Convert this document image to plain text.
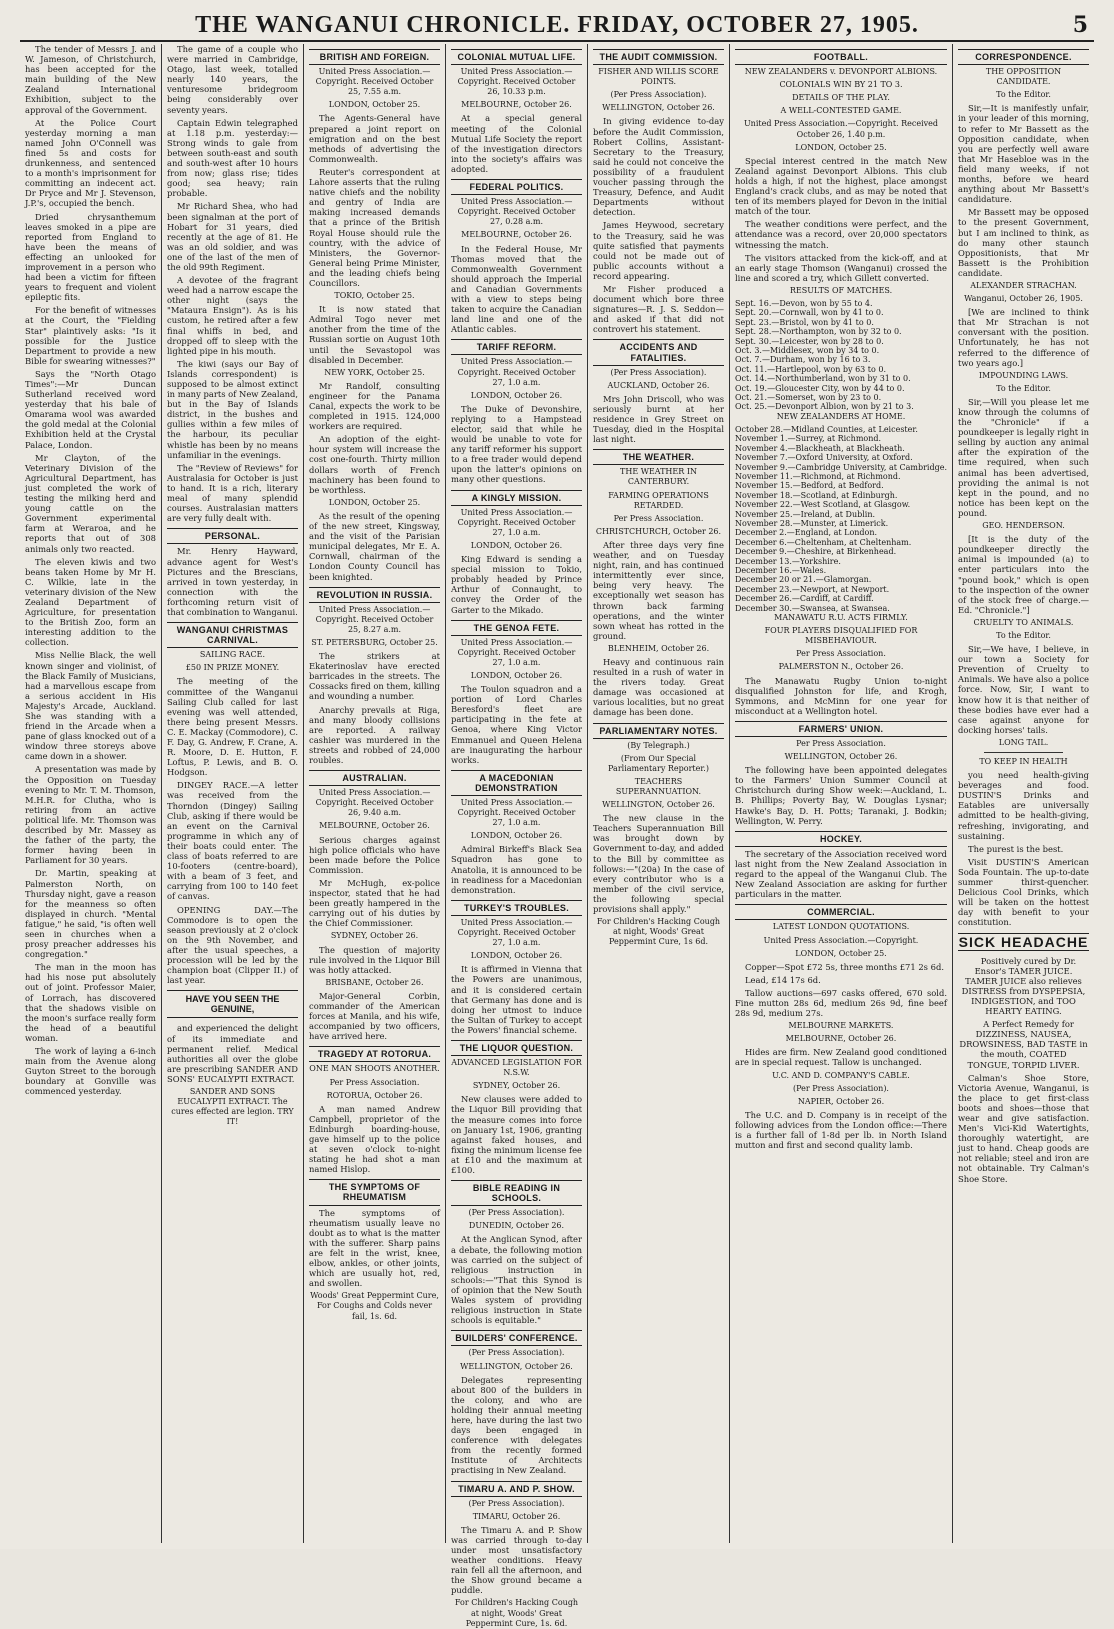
THE WANGANUI CHRONICLE. FRIDAY, OCTOBER 27, 1905.	5

The tender of Messrs J. and W. Jameson, of Christchurch, has been accepted for the main building of the New Zealand International Exhibition, subject to the approval of the Government.

At the Police Court yesterday morning a man named John O'Connell was fined 5s and costs for drunkenness, and sentenced to a month's imprisonment for committing an indecent act. Dr Pryce and Mr J. Stevenson, J.P.'s, occupied the bench.

Dried chrysanthemum leaves smoked in a pipe are reported from England to have been the means of effecting an unlooked for improvement in a person who had been a victim for fifteen years to frequent and violent epileptic fits.

For the benefit of witnesses at the Court, the "Fielding Star" plaintively asks: "Is it possible for the Justice Department to provide a new Bible for swearing witnesses?"

Says the "North Otago Times":—Mr Duncan Sutherland received word yesterday that his bale of Omarama wool was awarded the gold medal at the Colonial Exhibition held at the Crystal Palace, London.

Mr Clayton, of the Veterinary Division of the Agricultural Department, has just completed the work of testing the milking herd and young cattle on the Government experimental farm at Weraroa, and he reports that out of 308 animals only two reacted.

The eleven kiwis and two beans taken Home by Mr H. C. Wilkie, late in the veterinary division of the New Zealand Department of Agriculture, for presentation to the British Zoo, form an interesting addition to the collection.

Miss Nellie Black, the well known singer and violinist, of the Black Family of Musicians, had a marvellous escape from a serious accident in His Majesty's Arcade, Auckland. She was standing with a friend in the Arcade when a pane of glass knocked out of a window three storeys above came down in a shower.

A presentation was made by the Opposition on Tuesday evening to Mr. T. M. Thomson, M.H.R. for Clutha, who is retiring from an active political life. Mr. Thomson was described by Mr. Massey as the father of the party, the former having been in Parliament for 30 years.

Dr. Martin, speaking at Palmerston North, on Thursday night, gave a reason for the meanness so often displayed in church. "Mental fatigue," he said, "is often well seen in churches when a prosy preacher addresses his congregation."

The man in the moon has had his nose put absolutely out of joint. Professor Maier, of Lorrach, has discovered that the shadows visible on the moon's surface really form the head of a beautiful woman.

The work of laying a 6-inch main from the Avenue along Guyton Street to the borough boundary at Gonville was commenced yesterday.

The game of a couple who were married in Cambridge, Otago, last week, totalled nearly 140 years, the venturesome bridegroom being considerably over seventy years.

Captain Edwin telegraphed at 1.18 p.m. yesterday:—Strong winds to gale from between south-east and south and south-west after 10 hours from now; glass rise; tides good; sea heavy; rain probable.

Mr Richard Shea, who had been signalman at the port of Hobart for 31 years, died recently at the age of 81. He was an old soldier, and was one of the last of the men of the old 99th Regiment.

A devotee of the fragrant weed had a narrow escape the other night (says the "Mataura Ensign"). As is his custom, he retired after a few final whiffs in bed, and dropped off to sleep with the lighted pipe in his mouth.

The kiwi (says our Bay of Islands correspondent) is supposed to be almost extinct in many parts of New Zealand, but in the Bay of Islands district, in the bushes and gullies within a few miles of the harbour, its peculiar whistle has been by no means unfamiliar in the evenings.

The "Review of Reviews" for Australasia for October is just to hand. It is a rich, literary meal of many splendid courses. Australasian matters are very fully dealt with.

PERSONAL.

Mr. Henry Hayward, advance agent for West's Pictures and the Brescians, arrived in town yesterday, in connection with the forthcoming return visit of that combination to Wanganui.

WANGANUI CHRISTMAS CARNIVAL.

SAILING RACE.

£50 IN PRIZE MONEY.

The meeting of the committee of the Wanganui Sailing Club called for last evening was well attended, there being present Messrs. C. E. Mackay (Commodore), C. F. Day, G. Andrew, F. Crane, A. R. Moore, D. E. Hutton, F. Loftus, P. Lewis, and B. O. Hodgson.

DINGEY RACE.—A letter was received from the Thorndon (Dingey) Sailing Club, asking if there would be an event on the Carnival programme in which any of their boats could enter. The class of boats referred to are 10-footers (centre-board), with a beam of 3 feet, and carrying from 100 to 140 feet of canvas.

OPENING DAY.—The Commodore is to open the season previously at 2 o'clock on the 9th November, and after the usual speeches, a procession will be led by the champion boat (Clipper II.) of last year.

HAVE YOU SEEN THE GENUINE,

and experienced the delight of its immediate and permanent relief. Medical authorities all over the globe are prescribing SANDER AND SONS' EUCALYPTI EXTRACT.

SANDER AND SONS EUCALYPTI EXTRACT. The cures effected are legion. TRY IT!

BRITISH AND FOREIGN.

United Press Association.—Copyright. Received October 25, 7.55 a.m.

LONDON, October 25.

The Agents-General have prepared a joint report on emigration and on the best methods of advertising the Commonwealth.

Reuter's correspondent at Lahore asserts that the ruling native chiefs and the nobility and gentry of India are making increased demands that a prince of the British Royal House should rule the country, with the advice of Ministers, the Governor-General being Prime Minister, and the leading chiefs being Councillors.

TOKIO, October 25.

It is now stated that Admiral Togo never met another from the time of the Russian sortie on August 10th until the Sevastopol was disabled in December.

NEW YORK, October 25.

Mr Randolf, consulting engineer for the Panama Canal, expects the work to be completed in 1915. 124,000 workers are required.

An adoption of the eight-hour system will increase the cost one-fourth. Thirty million dollars worth of French machinery has been found to be worthless.

LONDON, October 25.

As the result of the opening of the new street, Kingsway, and the visit of the Parisian municipal delegates, Mr E. A. Cornwall, chairman of the London County Council has been knighted.

REVOLUTION IN RUSSIA.

United Press Association.—Copyright. Received October 25, 8.27 a.m.

ST. PETERSBURG, October 25.

The strikers at Ekaterinoslav have erected barricades in the streets. The Cossacks fired on them, killing and wounding a number.

Anarchy prevails at Riga, and many bloody collisions are reported. A railway cashier was murdered in the streets and robbed of 24,000 roubles.

AUSTRALIAN.

United Press Association.—Copyright. Received October 26, 9.40 a.m.

MELBOURNE, October 26.

Serious charges against high police officials who have been made before the Police Commission.

Mr McHugh, ex-police inspector, stated that he had been greatly hampered in the carrying out of his duties by the Chief Commissioner.

SYDNEY, October 26.

The question of majority rule involved in the Liquor Bill was hotly attacked.

BRISBANE, October 26.

Major-General Corbin, commander of the American forces at Manila, and his wife, accompanied by two officers, have arrived here.

TRAGEDY AT ROTORUA.

ONE MAN SHOOTS ANOTHER.

Per Press Association.

ROTORUA, October 26.

A man named Andrew Campbell, proprietor of the Edinburgh boarding-house, gave himself up to the police at seven o'clock to-night stating he had shot a man named Hislop.

THE SYMPTOMS OF RHEUMATISM

The symptoms of rheumatism usually leave no doubt as to what is the matter with the sufferer. Sharp pains are felt in the wrist, knee, elbow, ankles, or other joints, which are usually hot, red, and swollen.

Woods' Great Peppermint Cure, For Coughs and Colds never fail, 1s. 6d.

COLONIAL MUTUAL LIFE.

United Press Association.—Copyright. Received October 26, 10.33 p.m.

MELBOURNE, October 26.

At a special general meeting of the Colonial Mutual Life Society the report of the investigation directors into the society's affairs was adopted.

FEDERAL POLITICS.

United Press Association.—Copyright. Received October 27, 0.28 a.m.

MELBOURNE, October 26.

In the Federal House, Mr Thomas moved that the Commonwealth Government should approach the Imperial and Canadian Governments with a view to steps being taken to acquire the Canadian land line and one of the Atlantic cables.

TARIFF REFORM.

United Press Association.—Copyright. Received October 27, 1.0 a.m.

LONDON, October 26.

The Duke of Devonshire, replying to a Hampstead elector, said that while he would be unable to vote for any tariff reformer his support to a free trader would depend upon the latter's opinions on many other questions.

A KINGLY MISSION.

United Press Association.—Copyright. Received October 27, 1.0 a.m.

LONDON, October 26.

King Edward is sending a special mission to Tokio, probably headed by Prince Arthur of Connaught, to convey the Order of the Garter to the Mikado.

THE GENOA FETE.

United Press Association.—Copyright. Received October 27, 1.0 a.m.

LONDON, October 26.

The Toulon squadron and a portion of Lord Charles Beresford's fleet are participating in the fete at Genoa, where King Victor Emmanuel and Queen Helena are inaugurating the harbour works.

A MACEDONIAN DEMONSTRATION

United Press Association.—Copyright. Received October 27, 1.0 a.m.

LONDON, October 26.

Admiral Birkeff's Black Sea Squadron has gone to Anatolia, it is announced to be in readiness for a Macedonian demonstration.

TURKEY'S TROUBLES.

United Press Association.—Copyright. Received October 27, 1.0 a.m.

LONDON, October 26.

It is affirmed in Vienna that the Powers are unanimous, and it is considered certain that Germany has done and is doing her utmost to induce the Sultan of Turkey to accept the Powers' financial scheme.

THE LIQUOR QUESTION.

ADVANCED LEGISLATION FOR N.S.W.

SYDNEY, October 26.

New clauses were added to the Liquor Bill providing that the measure comes into force on January 1st, 1906, granting against faked houses, and fixing the minimum license fee at £10 and the maximum at £100.

BIBLE READING IN SCHOOLS.

(Per Press Association).

DUNEDIN, October 26.

At the Anglican Synod, after a debate, the following motion was carried on the subject of religious instruction in schools:—"That this Synod is of opinion that the New South Wales system of providing religious instruction in State schools is equitable."

BUILDERS' CONFERENCE.

(Per Press Association).

WELLINGTON, October 26.

Delegates representing about 800 of the builders in the colony, and who are holding their annual meeting here, have during the last two days been engaged in conference with delegates from the recently formed Institute of Architects practising in New Zealand.

TIMARU A. AND P. SHOW.

(Per Press Association).

TIMARU, October 26.

The Timaru A. and P. Show was carried through to-day under most unsatisfactory weather conditions. Heavy rain fell all the afternoon, and the Show ground became a puddle.

For Children's Hacking Cough at night, Woods' Great Peppermint Cure, 1s. 6d.

THE AUDIT COMMISSION.

FISHER AND WILLIS SCORE POINTS.

(Per Press Association).

WELLINGTON, October 26.

In giving evidence to-day before the Audit Commission, Robert Collins, Assistant-Secretary to the Treasury, said he could not conceive the possibility of a fraudulent voucher passing through the Treasury, Defence, and Audit Departments without detection.

James Heywood, secretary to the Treasury, said he was quite satisfied that payments could not be made out of public accounts without a record appearing.

Mr Fisher produced a document which bore three signatures—R. J. S. Seddon—and asked if that did not controvert his statement.

ACCIDENTS AND FATALITIES.

(Per Press Association).

AUCKLAND, October 26.

Mrs John Driscoll, who was seriously burnt at her residence in Grey Street on Tuesday, died in the Hospital last night.

THE WEATHER.

THE WEATHER IN CANTERBURY.

FARMING OPERATIONS RETARDED.

Per Press Association.

CHRISTCHURCH, October 26.

After three days very fine weather, and on Tuesday night, rain, and has continued intermittently ever since, being very heavy. The exceptionally wet season has thrown back farming operations, and the winter sown wheat has rotted in the ground.

BLENHEIM, October 26.

Heavy and continuous rain resulted in a rush of water in the rivers today. Great damage was occasioned at various localities, but no great damage has been done.

PARLIAMENTARY NOTES.

(By Telegraph.)

(From Our Special Parliamentary Reporter.)

TEACHERS SUPERANNUATION.

WELLINGTON, October 26.

The new clause in the Teachers Superannuation Bill was brought down by Government to-day, and added to the Bill by committee as follows:—"(20a) In the case of every contributor who is a member of the civil service, the following special provisions shall apply."

For Children's Hacking Cough at night, Woods' Great Peppermint Cure, 1s 6d.

FOOTBALL.

NEW ZEALANDERS v. DEVONPORT ALBIONS.

COLONIALS WIN BY 21 TO 3.

DETAILS OF THE PLAY.

A WELL-CONTESTED GAME.

United Press Association.—Copyright. Received October 26, 1.40 p.m.

LONDON, October 25.

Special interest centred in the match New Zealand against Devonport Albions. This club holds a high, if not the highest, place amongst England's crack clubs, and as may be noted that ten of its members played for Devon in the initial match of the tour.

The weather conditions were perfect, and the attendance was a record, over 20,000 spectators witnessing the match.

The visitors attacked from the kick-off, and at an early stage Thomson (Wanganui) crossed the line and scored a try, which Gillett converted.

RESULTS OF MATCHES.

Sept. 16.—Devon, won by 55 to 4.
Sept. 20.—Cornwall, won by 41 to 0.
Sept. 23.—Bristol, won by 41 to 0.
Sept. 28.—Northampton, won by 32 to 0.
Sept. 30.—Leicester, won by 28 to 0.
Oct. 3.—Middlesex, won by 34 to 0.
Oct. 7.—Durham, won by 16 to 3.
Oct. 11.—Hartlepool, won by 63 to 0.
Oct. 14.—Northumberland, won by 31 to 0.
Oct. 19.—Gloucester City, won by 44 to 0.
Oct. 21.—Somerset, won by 23 to 0.
Oct. 25.—Devonport Albion, won by 21 to 3.

NEW ZEALANDERS AT HOME.

October 28.—Midland Counties, at Leicester.
November 1.—Surrey, at Richmond.
November 4.—Blackheath, at Blackheath.
November 7.—Oxford University, at Oxford.
November 9.—Cambridge University, at Cambridge.
November 11.—Richmond, at Richmond.
November 15.—Bedford, at Bedford.
November 18.—Scotland, at Edinburgh.
November 22.—West Scotland, at Glasgow.
November 25.—Ireland, at Dublin.
November 28.—Munster, at Limerick.
December 2.—England, at London.
December 6.—Cheltenham, at Cheltenham.
December 9.—Cheshire, at Birkenhead.
December 13.—Yorkshire.
December 16.—Wales.
December 20 or 21.—Glamorgan.
December 23.—Newport, at Newport.
December 26.—Cardiff, at Cardiff.
December 30.—Swansea, at Swansea.

MANAWATU R.U. ACTS FIRMLY.

FOUR PLAYERS DISQUALIFIED FOR MISBEHAVIOUR.

Per Press Association.

PALMERSTON N., October 26.

The Manawatu Rugby Union to-night disqualified Johnston for life, and Krogh, Symmons, and McMinn for one year for misconduct at a Wellington hotel.

FARMERS' UNION.

Per Press Association.

WELLINGTON, October 26.

The following have been appointed delegates to the Farmers' Union Summer Council at Christchurch during Show week:—Auckland, L. B. Phillips; Poverty Bay, W. Douglas Lysnar; Hawke's Bay, D. H. Potts; Taranaki, J. Bodkin; Wellington, W. Perry.

HOCKEY.

The secretary of the Association received word last night from the New Zealand Association in regard to the appeal of the Wanganui Club. The New Zealand Association are asking for further particulars in the matter.

COMMERCIAL.

LATEST LONDON QUOTATIONS.

United Press Association.—Copyright.

LONDON, October 25.

Copper—Spot £72 5s, three months £71 2s 6d.

Lead, £14 17s 6d.

Tallow auctions—697 casks offered, 670 sold. Fine mutton 28s 6d, medium 26s 9d, fine beef 28s 9d, medium 27s.

MELBOURNE MARKETS.

MELBOURNE, October 26.

Hides are firm. New Zealand good conditioned are in special request. Tallow is unchanged.

U.C. AND D. COMPANY'S CABLE.

(Per Press Association).

NAPIER, October 26.

The U.C. and D. Company is in receipt of the following advices from the London office:—There is a further fall of 1-8d per lb. in North Island mutton and first and second quality lamb.

CORRESPONDENCE.

THE OPPOSITION CANDIDATE.

To the Editor.

Sir,—It is manifestly unfair, in your leader of this morning, to refer to Mr Bassett as the Opposition candidate, when you are perfectly well aware that Mr Hasebloe was in the field many weeks, if not months, before we heard anything about Mr Bassett's candidature.

Mr Bassett may be opposed to the present Government, but I am inclined to think, as do many other staunch Oppositionists, that Mr Bassett is the Prohibition candidate.

ALEXANDER STRACHAN.

Wanganui, October 26, 1905.

[We are inclined to think that Mr Strachan is not conversant with the position. Unfortunately, he has not referred to the difference of two years ago.]

IMPOUNDING LAWS.

To the Editor.

Sir,—Will you please let me know through the columns of the "Chronicle" if a poundkeeper is legally right in selling by auction any animal after the expiration of the time required, when such animal has been advertised, providing the animal is not kept in the pound, and no notice has been kept on the pound.

GEO. HENDERSON.

[It is the duty of the poundkeeper directly the animal is impounded (a) to enter particulars into the "pound book," which is open to the inspection of the owner of the stock free of charge.—Ed. "Chronicle."]

CRUELTY TO ANIMALS.

To the Editor.

Sir,—We have, I believe, in our town a Society for Prevention of Cruelty to Animals. We have also a police force. Now, Sir, I want to know how it is that neither of these bodies have ever had a case against anyone for docking horses' tails.

LONG TAIL.

TO KEEP IN HEALTH

you need health-giving beverages and food. DUSTIN'S Drinks and Eatables are universally admitted to be health-giving, refreshing, invigorating, and sustaining.

The purest is the best.

Visit DUSTIN'S American Soda Fountain. The up-to-date summer thirst-quencher. Delicious Cool Drinks, which will be taken on the hottest day with benefit to your constitution.

SICK HEADACHE

Positively cured by Dr. Ensor's TAMER JUICE. TAMER JUICE also relieves DISTRESS from DYSPEPSIA, INDIGESTION, and TOO HEARTY EATING.

A Perfect Remedy for DIZZINESS, NAUSEA, DROWSINESS, BAD TASTE in the mouth, COATED TONGUE, TORPID LIVER.

Calman's Shoe Store, Victoria Avenue, Wanganui, is the place to get first-class boots and shoes—those that wear and give satisfaction. Men's Vici-Kid Watertights, thoroughly watertight, are just to hand. Cheap goods are not reliable; steel and iron are not obtainable. Try Calman's Shoe Store.
